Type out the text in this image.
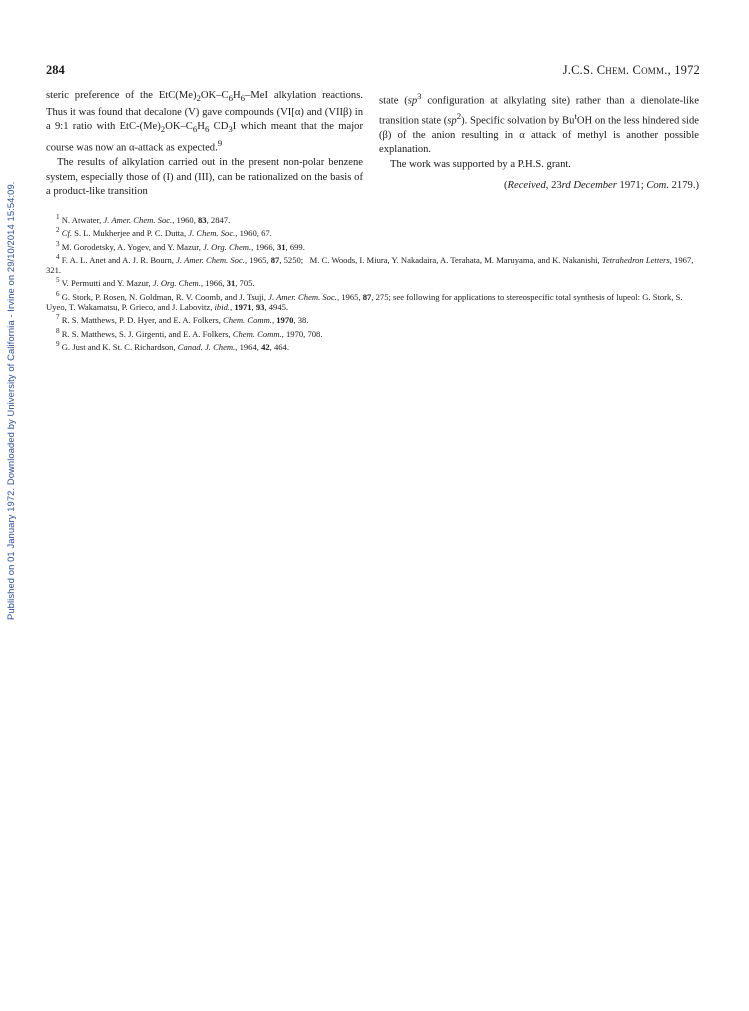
284	J.C.S. Chem. Comm., 1972

steric preference of the $EtC(Me)_2OK-C_6H_6$–MeI alkylation reactions. Thus it was found that decalone (V) gave compounds (VI[α) and (VIIβ) in a 9:1 ratio with EtC-$(Me)_2OK-C_6H_6$ $CD_3I$ which meant that the major course was now an α-attack as expected.$^9$

The results of alkylation carried out in the present non-polar benzene system, especially those of (I) and (III), can be rationalized on the basis of a product-like transition

state ($sp^3$ configuration at alkylating site) rather than a dienolate-like transition state $(sp^2)$. Specific solvation by Bu$^t$OH on the less hindered side (β) of the anion resulting in α attack of methyl is another possible explanation.

The work was supported by a P.H.S. grant.

(Received, 23rd December 1971; Com. 2179.)

$^1$ N. Atwater, J. Amer. Chem. Soc., 1960, 83, 2847.

$^2$ Cf. S. L. Mukherjee and P. C. Dutta, J. Chem. Soc., 1960, 67.

$^3$ M. Gorodetsky, A. Yogev, and Y. Mazur, J. Org. Chem., 1966, 31, 699.

$^4$ F. A. L. Anet and A. J. R. Bourn, J. Amer. Chem. Soc., 1965, 87, 5250;   M. C. Woods, I. Miura, Y. Nakadaira, A. Terahata, M. Maruyama, and K. Nakanishi, Tetrahedron Letters, 1967, 321.

$^5$ V. Permutti and Y. Mazur, J. Org. Chem., 1966, 31, 705.

$^6$ G. Stork, P. Rosen, N. Goldman, R. V. Coomb, and J. Tsuji, J. Amer. Chem. Soc., 1965, 87, 275; see following for applications to stereospecific total synthesis of lupeol: G. Stork, S. Uyeo, T. Wakamatsu, P. Grieco, and J. Labovitz, ibid., 1971, 93, 4945.

$^7$ R. S. Matthews, P. D. Hyer, and E. A. Folkers, Chem. Comm., 1970, 38.

$^8$ R. S. Matthews, S. J. Girgenti, and E. A. Folkers, Chem. Comm., 1970, 708.

$^9$ G. Just and K. St. C. Richardson, Canad. J. Chem., 1964, 42, 464.

Published on 01 January 1972. Downloaded by University of California - Irvine on 29/10/2014 15:54:09.
